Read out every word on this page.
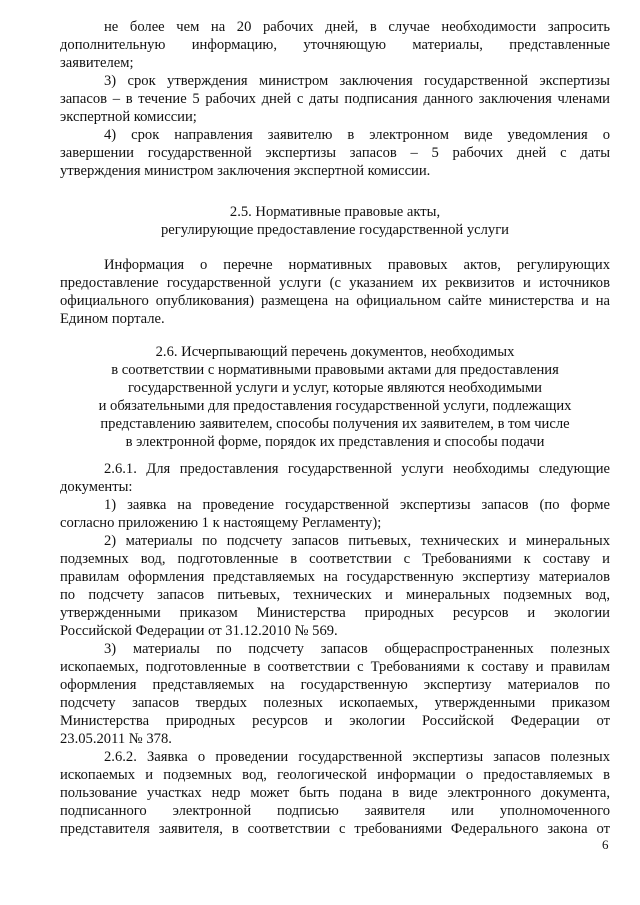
не более чем на 20 рабочих дней, в случае необходимости запросить
дополнительную информацию, уточняющую материалы, представленные
заявителем;
3) срок утверждения министром заключения государственной экспертизы
запасов – в течение 5 рабочих дней с даты подписания данного заключения членами
экспертной комиссии;
4) срок направления заявителю в электронном виде уведомления о
завершении государственной экспертизы запасов – 5 рабочих дней с даты
утверждения министром заключения экспертной комиссии.
2.5. Нормативные правовые акты,
регулирующие предоставление государственной услуги
Информация о перечне нормативных правовых актов, регулирующих
предоставление государственной услуги (с указанием их реквизитов и источников
официального опубликования) размещена на официальном сайте министерства и на
Едином портале.
2.6. Исчерпывающий перечень документов, необходимых
в соответствии с нормативными правовыми актами для предоставления
государственной услуги и услуг, которые являются необходимыми
и обязательными для предоставления государственной услуги, подлежащих
представлению заявителем, способы получения их заявителем, в том числе
в электронной форме, порядок их представления и способы подачи
2.6.1. Для предоставления государственной услуги необходимы следующие
документы:
1) заявка на проведение государственной экспертизы запасов (по форме
согласно приложению 1 к настоящему Регламенту);
2) материалы по подсчету запасов питьевых, технических и минеральных
подземных вод, подготовленные в соответствии с Требованиями к составу и
правилам оформления представляемых на государственную экспертизу материалов
по подсчету запасов питьевых, технических и минеральных подземных вод,
утвержденными приказом Министерства природных ресурсов и экологии
Российской Федерации от 31.12.2010 № 569.
3) материалы по подсчету запасов общераспространенных полезных
ископаемых, подготовленные в соответствии с Требованиями к составу и правилам
оформления представляемых на государственную экспертизу материалов по
подсчету запасов твердых полезных ископаемых, утвержденными приказом
Министерства природных ресурсов и экологии Российской Федерации от
23.05.2011 № 378.
2.6.2. Заявка о проведении государственной экспертизы запасов полезных
ископаемых и подземных вод, геологической информации о предоставляемых в
пользование участках недр может быть подана в виде электронного документа,
подписанного электронной подписью заявителя или уполномоченного
представителя заявителя, в соответствии с требованиями Федерального закона от
6
